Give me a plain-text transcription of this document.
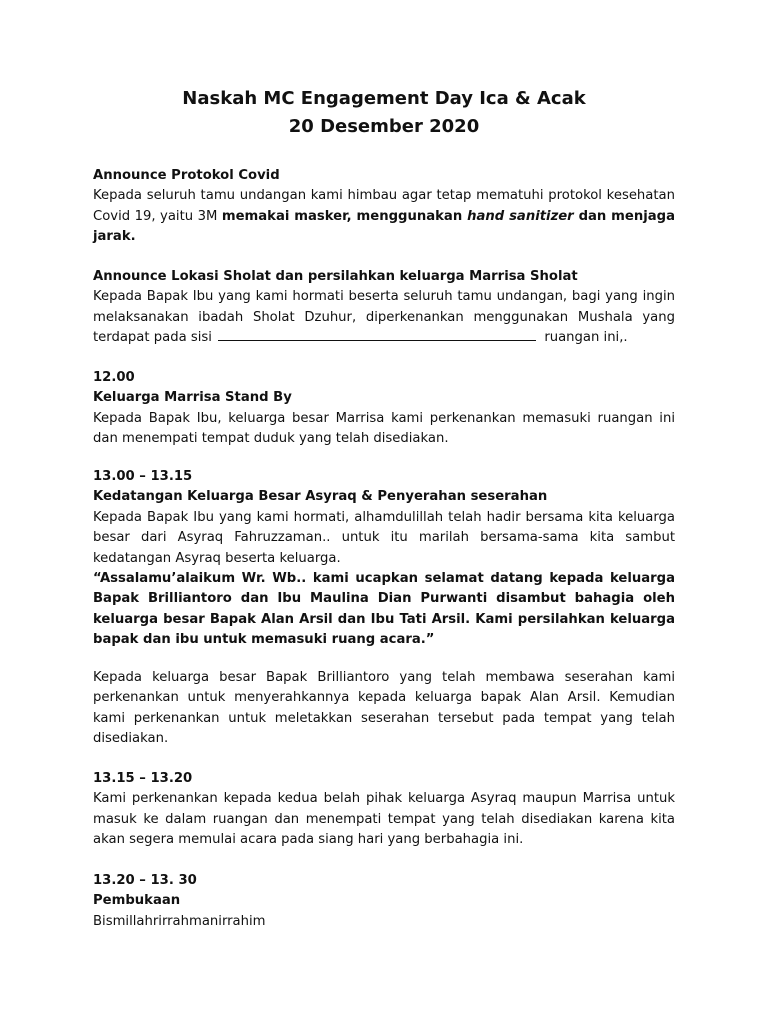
Naskah MC Engagement Day Ica & Acak
20 Desember 2020

Announce Protokol Covid

Kepada seluruh tamu undangan kami himbau agar tetap mematuhi protokol kesehatan Covid 19, yaitu 3M memakai masker, menggunakan hand sanitizer dan menjaga jarak.

Announce Lokasi Sholat dan persilahkan keluarga Marrisa Sholat

Kepada Bapak Ibu yang kami hormati beserta seluruh tamu undangan, bagi yang ingin melaksanakan ibadah Sholat Dzuhur, diperkenankan menggunakan Mushala yang terdapat pada sisi	ruangan ini,.

12.00

Keluarga Marrisa Stand By

Kepada Bapak Ibu, keluarga besar Marrisa kami perkenankan memasuki ruangan ini dan menempati tempat duduk yang telah disediakan.

13.00 – 13.15

Kedatangan Keluarga Besar Asyraq & Penyerahan seserahan

Kepada Bapak Ibu yang kami hormati, alhamdulillah telah hadir bersama kita keluarga besar dari Asyraq Fahruzzaman.. untuk itu marilah bersama-sama kita sambut kedatangan Asyraq beserta keluarga.

“Assalamu’alaikum Wr. Wb.. kami ucapkan selamat datang kepada keluarga Bapak Brilliantoro dan Ibu Maulina Dian Purwanti disambut bahagia oleh keluarga besar Bapak Alan Arsil dan Ibu Tati Arsil. Kami persilahkan keluarga bapak dan ibu untuk memasuki ruang acara.”

Kepada keluarga besar Bapak Brilliantoro yang telah membawa seserahan kami perkenankan untuk menyerahkannya kepada keluarga bapak Alan Arsil. Kemudian kami perkenankan untuk meletakkan seserahan tersebut pada tempat yang telah disediakan.

13.15 – 13.20

Kami perkenankan kepada kedua belah pihak keluarga Asyraq maupun Marrisa untuk masuk ke dalam ruangan dan menempati tempat yang telah disediakan karena kita akan segera memulai acara pada siang hari yang berbahagia ini.

13.20 – 13. 30

Pembukaan

Bismillahrirrahmanirrahim
